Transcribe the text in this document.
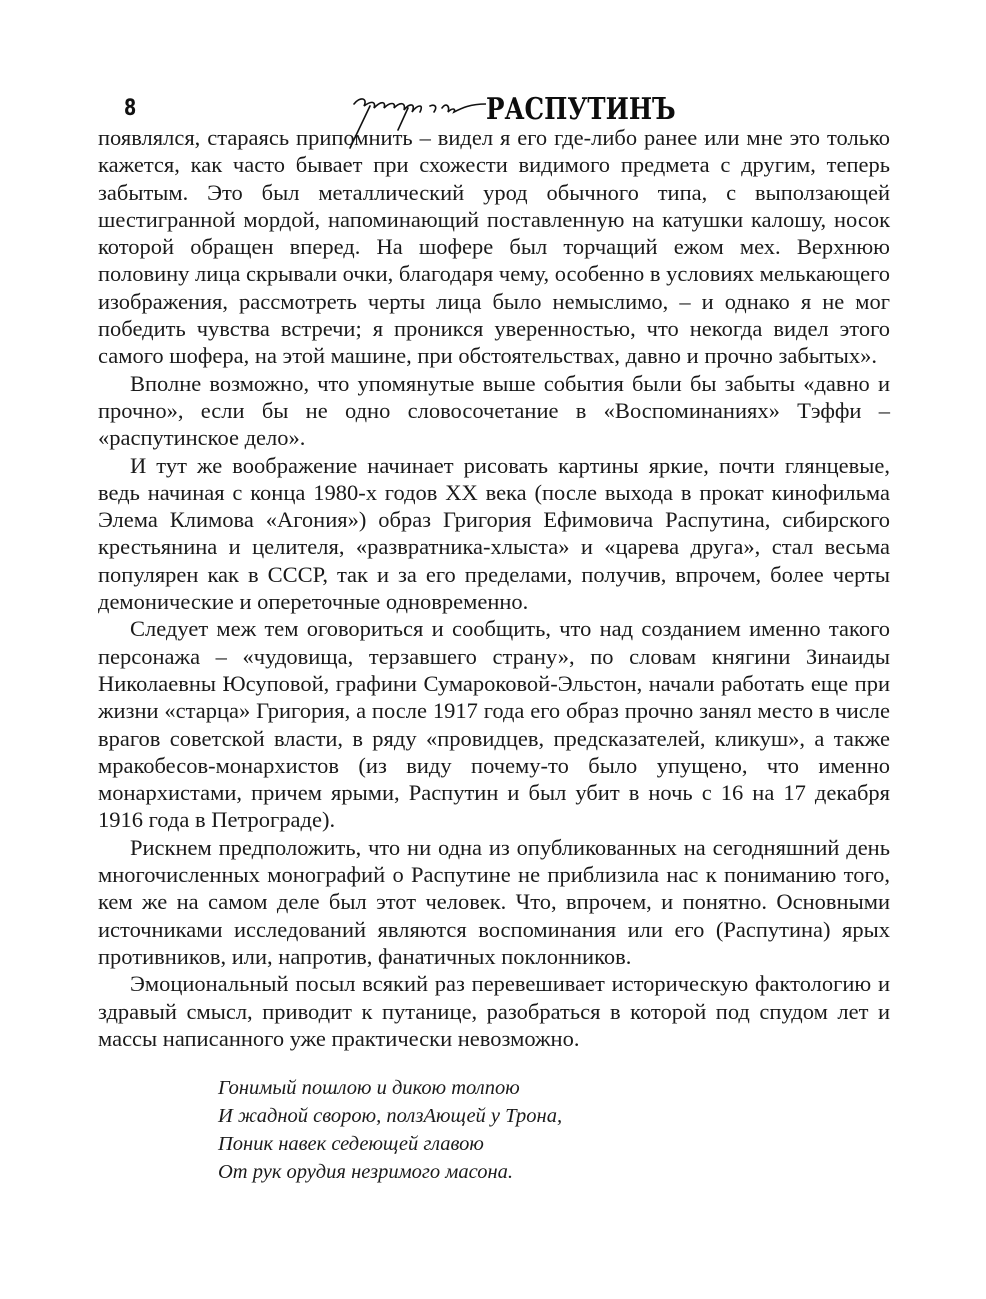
8	РАСПУТИНЪ

появлялся, стараясь припомнить – видел я его где-либо ранее или мне это только кажется, как часто бывает при схожести видимого предмета с другим, теперь забытым. Это был металлический урод обычного типа, с выползающей шестигранной мордой, напоминающий поставленную на катушки калошу, носок которой обращен вперед. На шофере был торчащий ежом мех. Верхнюю половину лица скрывали очки, благодаря чему, особенно в условиях мелькающего изображения, рассмотреть черты лица было немыслимо, – и однако я не мог победить чувства встречи; я проникся уверенностью, что некогда видел этого самого шофера, на этой машине, при обстоятельствах, давно и прочно забытых».

Вполне возможно, что упомянутые выше события были бы забыты «давно и прочно», если бы не одно словосочетание в «Воспоминаниях» Тэффи – «распутинское дело».

И тут же воображение начинает рисовать картины яркие, почти глянцевые, ведь начиная с конца 1980-х годов XX века (после выхода в прокат кинофильма Элема Климова «Агония») образ Григория Ефимовича Распутина, сибирского крестьянина и целителя, «развратника-хлыста» и «царева друга», стал весьма популярен как в СССР, так и за его пределами, получив, впрочем, более черты демонические и опереточные одновременно.

Следует меж тем оговориться и сообщить, что над созданием именно такого персонажа – «чудовища, терзавшего страну», по словам княгини Зинаиды Николаевны Юсуповой, графини Сумароковой-Эльстон, начали работать еще при жизни «старца» Григория, а после 1917 года его образ прочно занял место в числе врагов советской власти, в ряду «провидцев, предсказателей, кликуш», а также мракобесов-монархистов (из виду почему-то было упущено, что именно монархистами, причем ярыми, Распутин и был убит в ночь с 16 на 17 декабря 1916 года в Петрограде).

Рискнем предположить, что ни одна из опубликованных на сегодняшний день многочисленных монографий о Распутине не приблизила нас к пониманию того, кем же на самом деле был этот человек. Что, впрочем, и понятно. Основными источниками исследований являются воспоминания или его (Распутина) ярых противников, или, напротив, фанатичных поклонников.

Эмоциональный посыл всякий раз перевешивает историческую фактологию и здравый смысл, приводит к путанице, разобраться в которой под спудом лет и массы написанного уже практически невозможно.

Гонимый пошлою и дикою толпою
И жадной сворою, ползАющей у Трона,
Поник навек седеющей главою
От рук орудия незримого масона.
